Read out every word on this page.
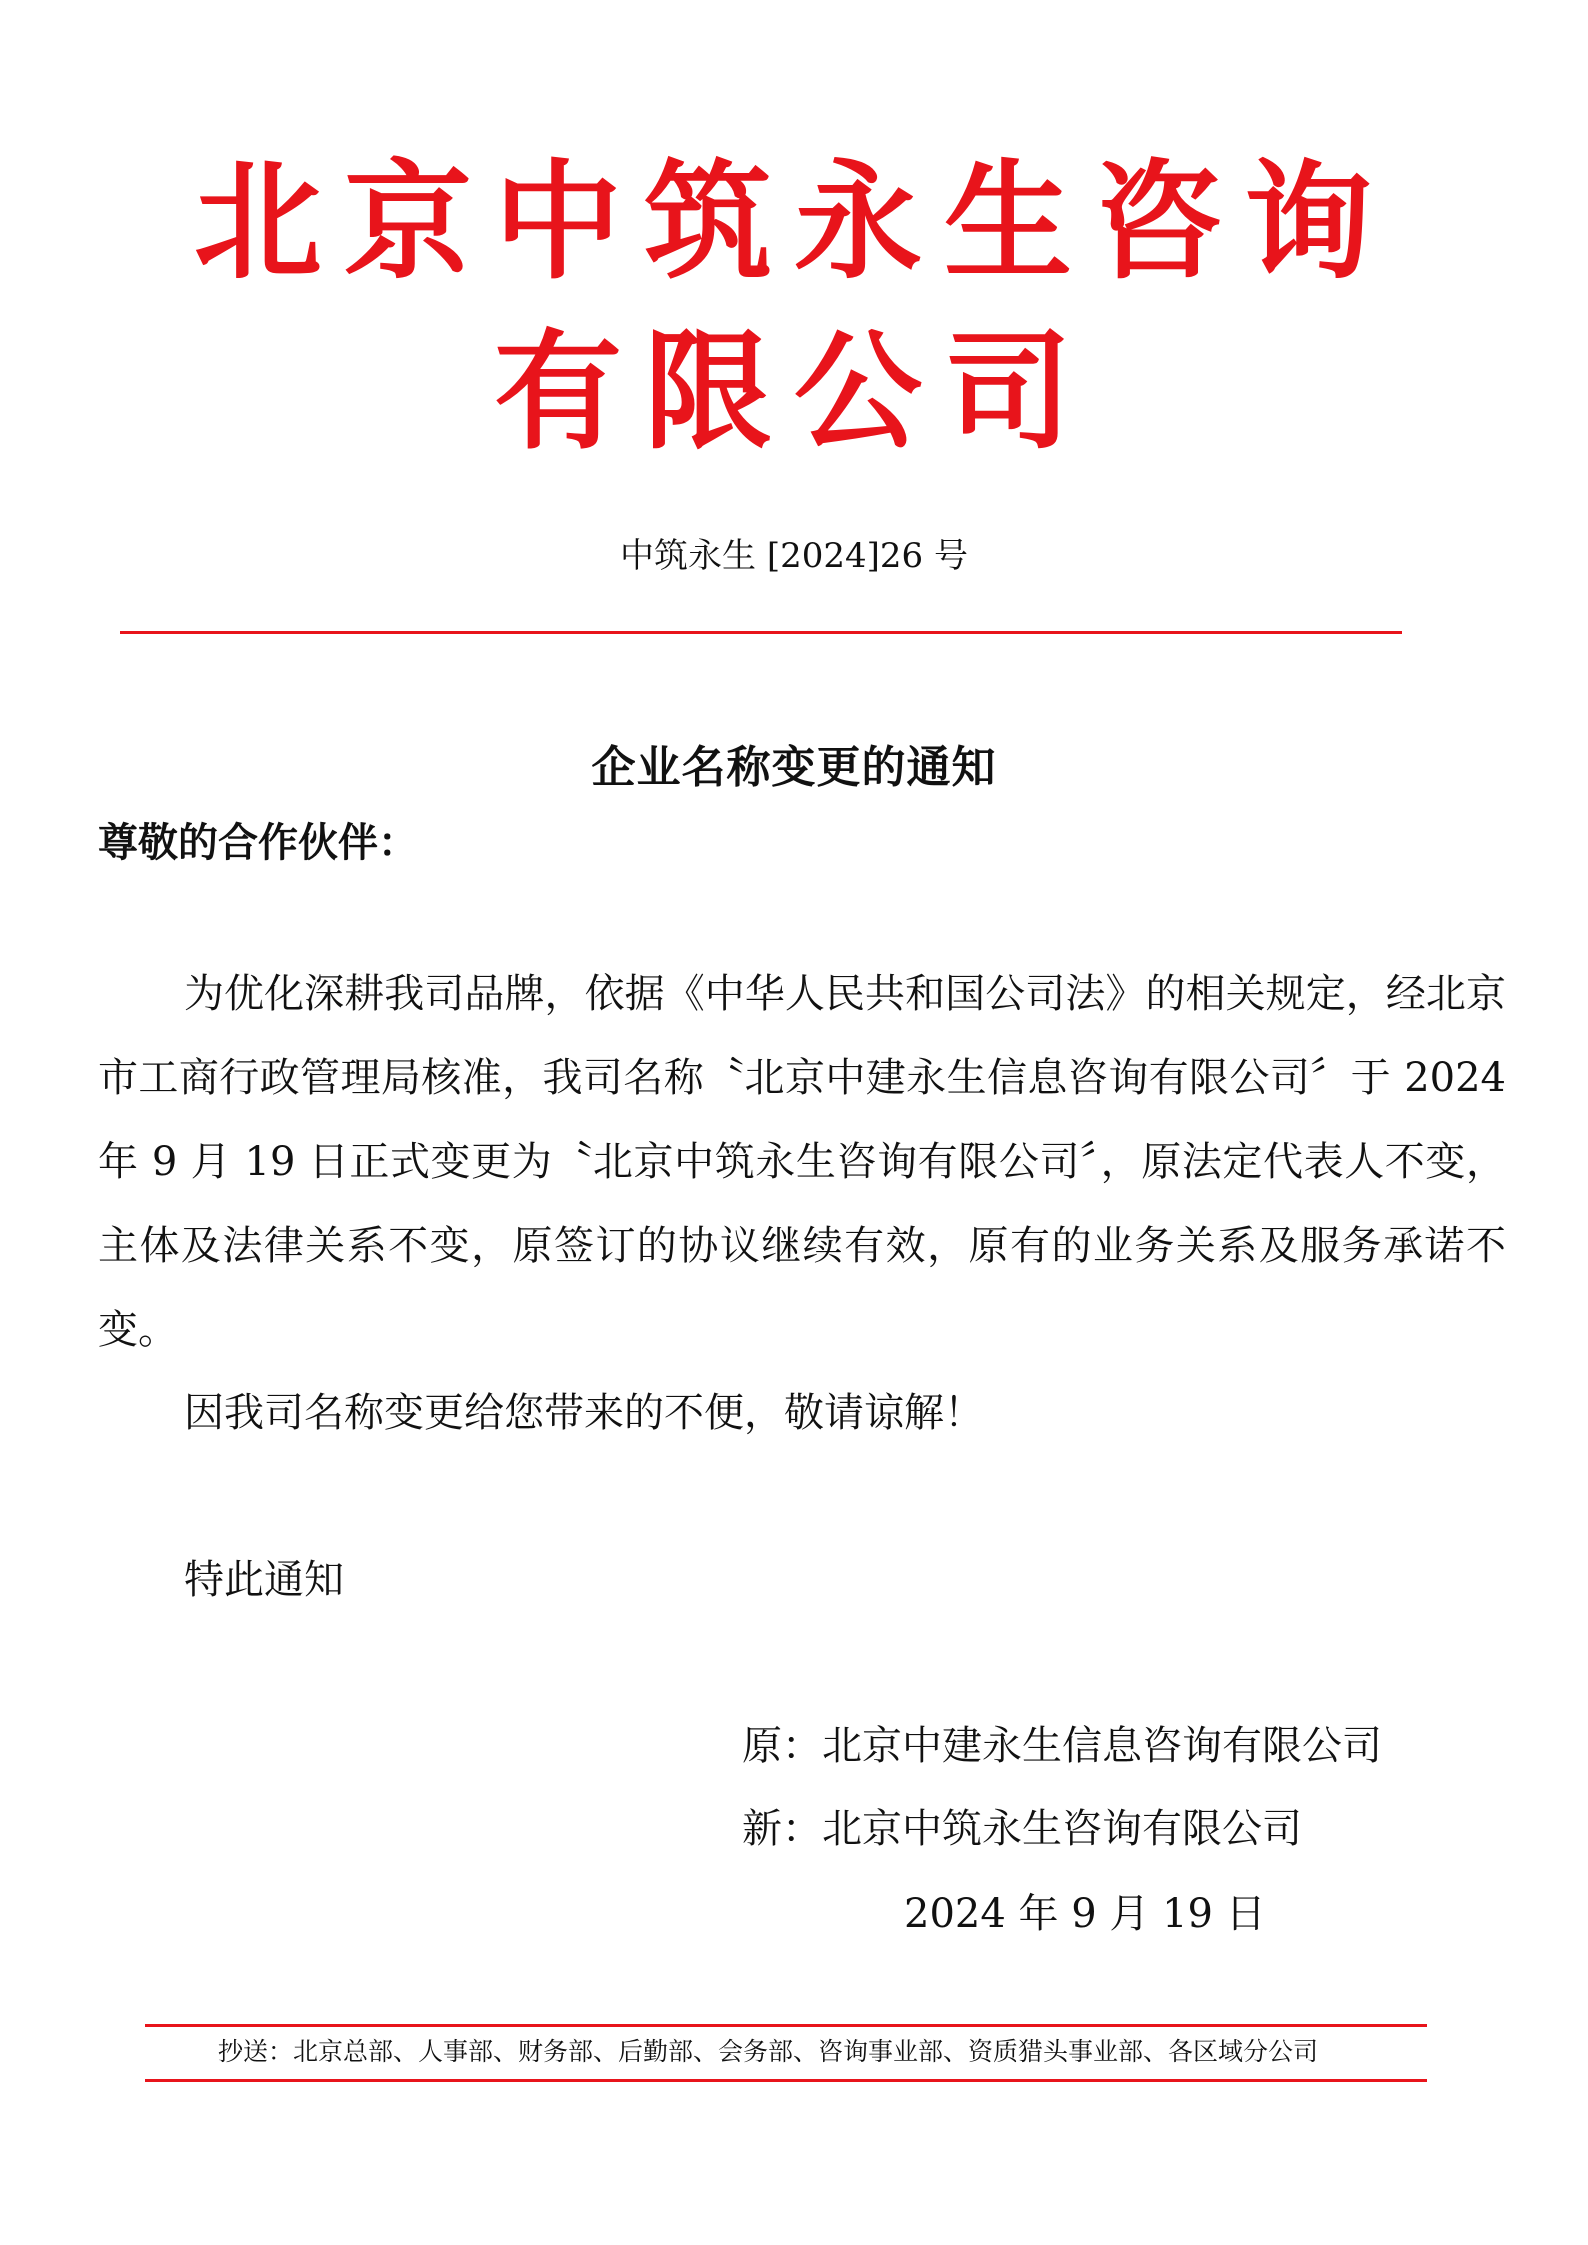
北京中筑永生咨询
有限公司
中筑永生 [2024]26 号
企业名称变更的通知
尊敬的合作伙伴：

为优化深耕我司品牌，依据《中华人民共和国公司法》的相关规定，经北京市工商行政管理局核准，我司名称〝北京中建永生信息咨询有限公司〞于 2024 年 9 月 19 日正式变更为〝北京中筑永生咨询有限公司〞，原法定代表人不变，主体及法律关系不变，原签订的协议继续有效，原有的业务关系及服务承诺不变。

因我司名称变更给您带来的不便，敬请谅解！
特此通知
原：北京中建永生信息咨询有限公司
新：北京中筑永生咨询有限公司
2024 年 9 月 19 日
抄送：北京总部、人事部、财务部、后勤部、会务部、咨询事业部、资质猎头事业部、各区域分公司
